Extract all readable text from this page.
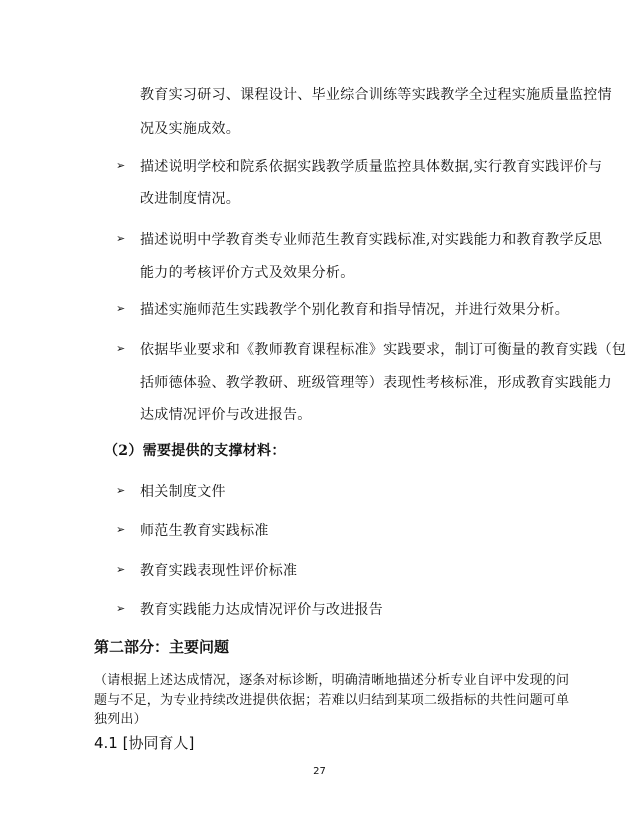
教育实习研习、课程设计、毕业综合训练等实践教学全过程实施质量监控情
况及实施成效。
➢ 描述说明学校和院系依据实践教学质量监控具体数据,实行教育实践评价与
改进制度情况。
➢ 描述说明中学教育类专业师范生教育实践标准,对实践能力和教育教学反思
能力的考核评价方式及效果分析。
➢ 描述实施师范生实践教学个别化教育和指导情况，并进行效果分析。
➢ 依据毕业要求和《教师教育课程标准》实践要求，制订可衡量的教育实践（包
括师德体验、教学教研、班级管理等）表现性考核标准，形成教育实践能力
达成情况评价与改进报告。
（2）需要提供的支撑材料：
➢ 相关制度文件
➢ 师范生教育实践标准
➢ 教育实践表现性评价标准
➢ 教育实践能力达成情况评价与改进报告
第二部分：主要问题
（请根据上述达成情况，逐条对标诊断，明确清晰地描述分析专业自评中发现的问
题与不足，为专业持续改进提供依据；若难以归结到某项二级指标的共性问题可单
独列出）
4.1 [协同育人]
27
